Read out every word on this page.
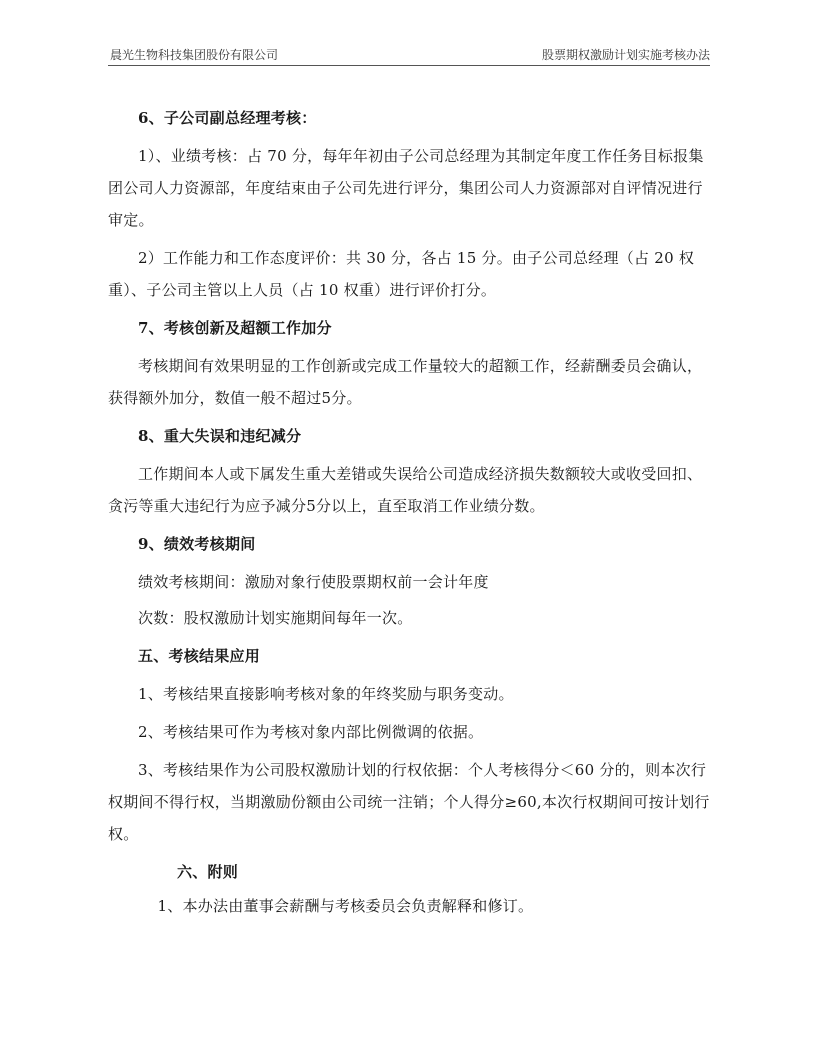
晨光生物科技集团股份有限公司	股票期权激励计划实施考核办法

6、子公司副总经理考核：

1）、业绩考核：占 70 分，每年年初由子公司总经理为其制定年度工作任务目标报集团公司人力资源部，年度结束由子公司先进行评分，集团公司人力资源部对自评情况进行审定。

2）工作能力和工作态度评价：共 30 分，各占 15 分。由子公司总经理（占 20 权重）、子公司主管以上人员（占 10 权重）进行评价打分。

7、考核创新及超额工作加分

考核期间有效果明显的工作创新或完成工作量较大的超额工作，经薪酬委员会确认，获得额外加分，数值一般不超过5分。

8、重大失误和违纪减分

工作期间本人或下属发生重大差错或失误给公司造成经济损失数额较大或收受回扣、贪污等重大违纪行为应予减分5分以上，直至取消工作业绩分数。

9、绩效考核期间

绩效考核期间：激励对象行使股票期权前一会计年度

次数：股权激励计划实施期间每年一次。

五、考核结果应用

1、考核结果直接影响考核对象的年终奖励与职务变动。

2、考核结果可作为考核对象内部比例微调的依据。

3、考核结果作为公司股权激励计划的行权依据：个人考核得分＜60 分的，则本次行权期间不得行权，当期激励份额由公司统一注销；个人得分≥60,本次行权期间可按计划行权。

六、附则

1、本办法由董事会薪酬与考核委员会负责解释和修订。
